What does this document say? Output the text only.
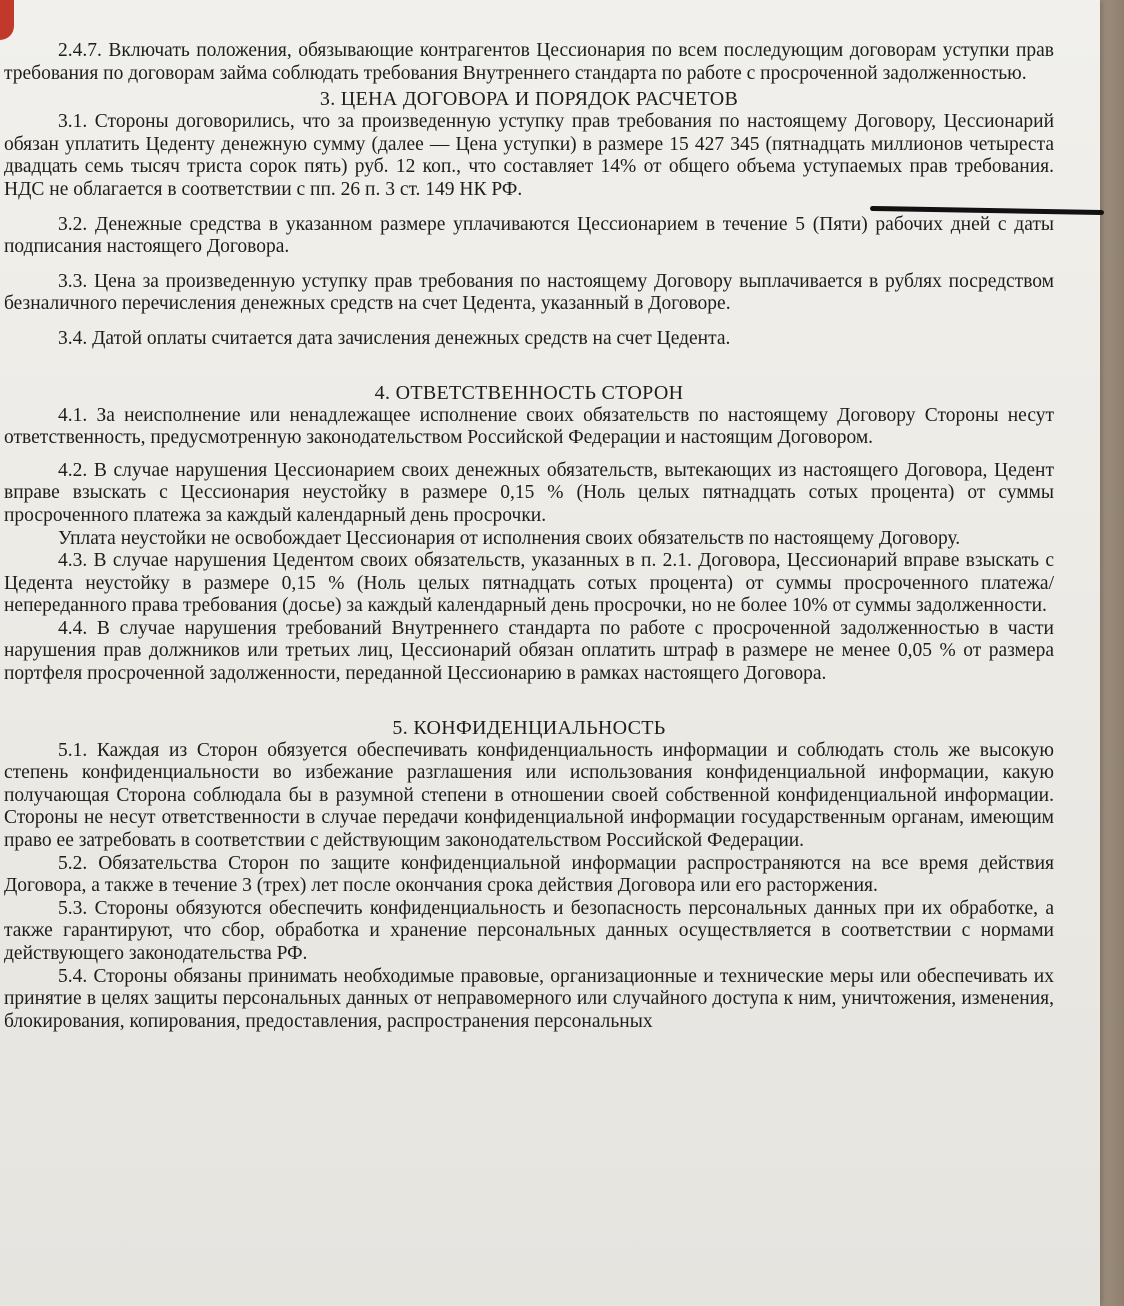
2.4.7. Включать положения, обязывающие контрагентов Цессионария по всем последующим договорам уступки прав требования по договорам займа соблюдать требования Внутреннего стандарта по работе с просроченной задолженностью.

3. ЦЕНА ДОГОВОРА И ПОРЯДОК РАСЧЕТОВ

3.1. Стороны договорились, что за произведенную уступку прав требования по настоящему Договору, Цессионарий обязан уплатить Цеденту денежную сумму (далее — Цена уступки) в размере 15 427 345 (пятнадцать миллионов четыреста двадцать семь тысяч триста сорок пять) руб. 12 коп., что составляет 14% от общего объема уступаемых прав требования. НДС не облагается в соответствии с пп. 26 п. 3 ст. 149 НК РФ.

3.2. Денежные средства в указанном размере уплачиваются Цессионарием в течение 5 (Пяти) рабочих дней с даты подписания настоящего Договора.

3.3. Цена за произведенную уступку прав требования по настоящему Договору выплачивается в рублях посредством безналичного перечисления денежных средств на счет Цедента, указанный в Договоре.

3.4. Датой оплаты считается дата зачисления денежных средств на счет Цедента.

4. ОТВЕТСТВЕННОСТЬ СТОРОН

4.1. За неисполнение или ненадлежащее исполнение своих обязательств по настоящему Договору Стороны несут ответственность, предусмотренную законодательством Российской Федерации и настоящим Договором.

4.2. В случае нарушения Цессионарием своих денежных обязательств, вытекающих из настоящего Договора, Цедент вправе взыскать с Цессионария неустойку в размере 0,15 % (Ноль целых пятнадцать сотых процента) от суммы просроченного платежа за каждый календарный день просрочки.

Уплата неустойки не освобождает Цессионария от исполнения своих обязательств по настоящему Договору.

4.3. В случае нарушения Цедентом своих обязательств, указанных в п. 2.1. Договора, Цессионарий вправе взыскать с Цедента неустойку в размере 0,15 % (Ноль целых пятнадцать сотых процента) от суммы просроченного платежа/непереданного права требования (досье) за каждый календарный день просрочки, но не более 10% от суммы задолженности.

4.4. В случае нарушения требований Внутреннего стандарта по работе с просроченной задолженностью в части нарушения прав должников или третьих лиц, Цессионарий обязан оплатить штраф в размере не менее 0,05 % от размера портфеля просроченной задолженности, переданной Цессионарию в рамках настоящего Договора.

5. КОНФИДЕНЦИАЛЬНОСТЬ

5.1. Каждая из Сторон обязуется обеспечивать конфиденциальность информации и соблюдать столь же высокую степень конфиденциальности во избежание разглашения или использования конфиденциальной информации, какую получающая Сторона соблюдала бы в разумной степени в отношении своей собственной конфиденциальной информации. Стороны не несут ответственности в случае передачи конфиденциальной информации государственным органам, имеющим право ее затребовать в соответствии с действующим законодательством Российской Федерации.

5.2. Обязательства Сторон по защите конфиденциальной информации распространяются на все время действия Договора, а также в течение 3 (трех) лет после окончания срока действия Договора или его расторжения.

5.3. Стороны обязуются обеспечить конфиденциальность и безопасность персональных данных при их обработке, а также гарантируют, что сбор, обработка и хранение персональных данных осуществляется в соответствии с нормами действующего законодательства РФ.

5.4. Стороны обязаны принимать необходимые правовые, организационные и технические меры или обеспечивать их принятие в целях защиты персональных данных от неправомерного или случайного доступа к ним, уничтожения, изменения, блокирования, копирования, предоставления, распространения персональных
